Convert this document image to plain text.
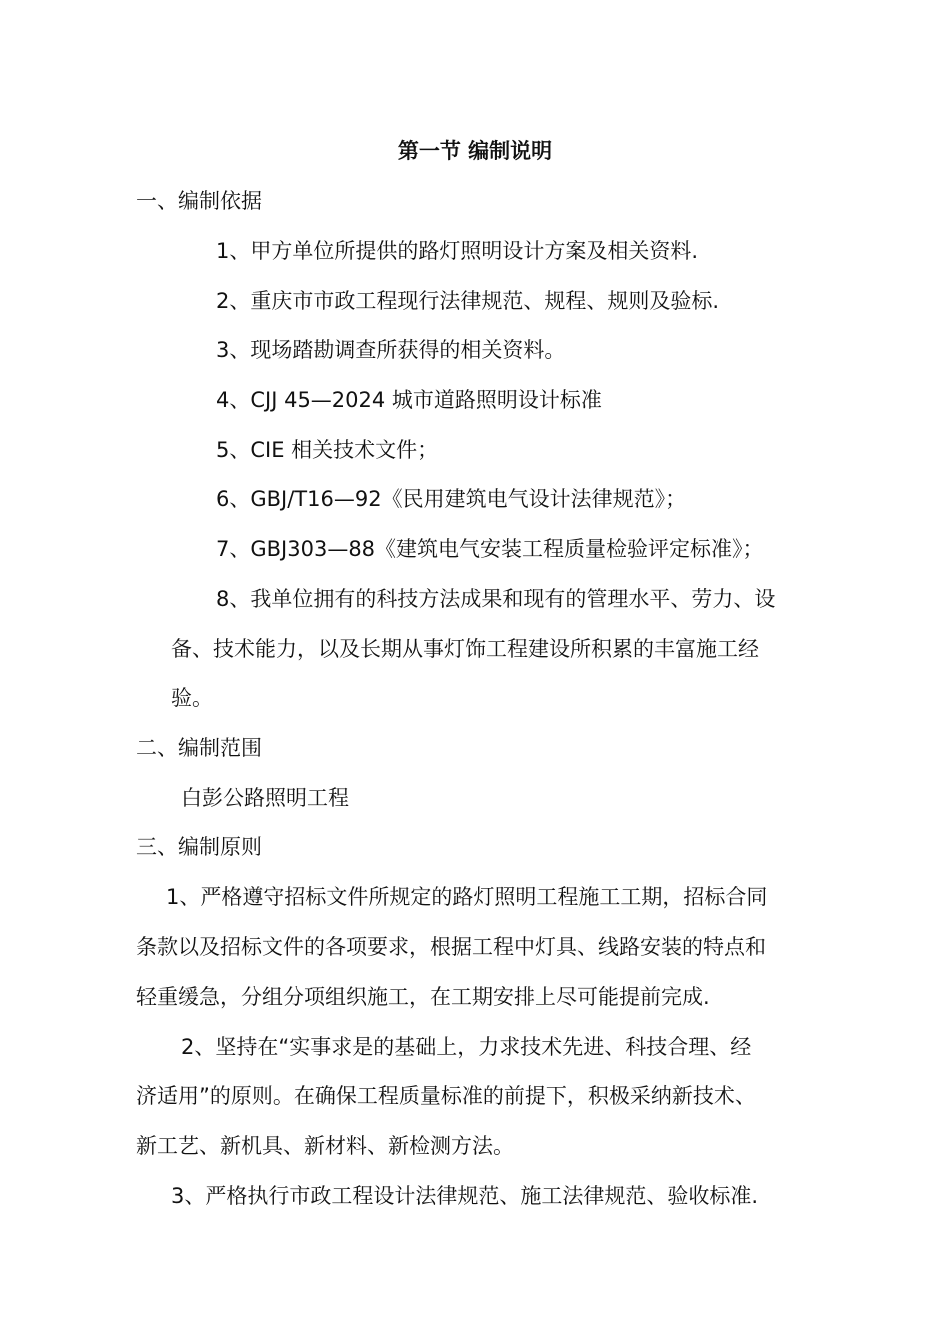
第一节 编制说明
一、编制依据
1、甲方单位所提供的路灯照明设计方案及相关资料.
2、重庆市市政工程现行法律规范、规程、规则及验标.
3、现场踏勘调查所获得的相关资料。
4、CJJ 45—2024 城市道路照明设计标准
5、CIE 相关技术文件；
6、GBJ/T16—92《民用建筑电气设计法律规范》；
7、GBJ303—88《建筑电气安装工程质量检验评定标准》；
8、我单位拥有的科技方法成果和现有的管理水平、劳力、设
备、技术能力，以及长期从事灯饰工程建设所积累的丰富施工经
验。
二、编制范围
白彭公路照明工程
三、编制原则
1、严格遵守招标文件所规定的路灯照明工程施工工期，招标合同
条款以及招标文件的各项要求，根据工程中灯具、线路安装的特点和
轻重缓急，分组分项组织施工，在工期安排上尽可能提前完成.
2、坚持在“实事求是的基础上，力求技术先进、科技合理、经
济适用”的原则。在确保工程质量标准的前提下，积极采纳新技术、
新工艺、新机具、新材料、新检测方法。
3、严格执行市政工程设计法律规范、施工法律规范、验收标准.
